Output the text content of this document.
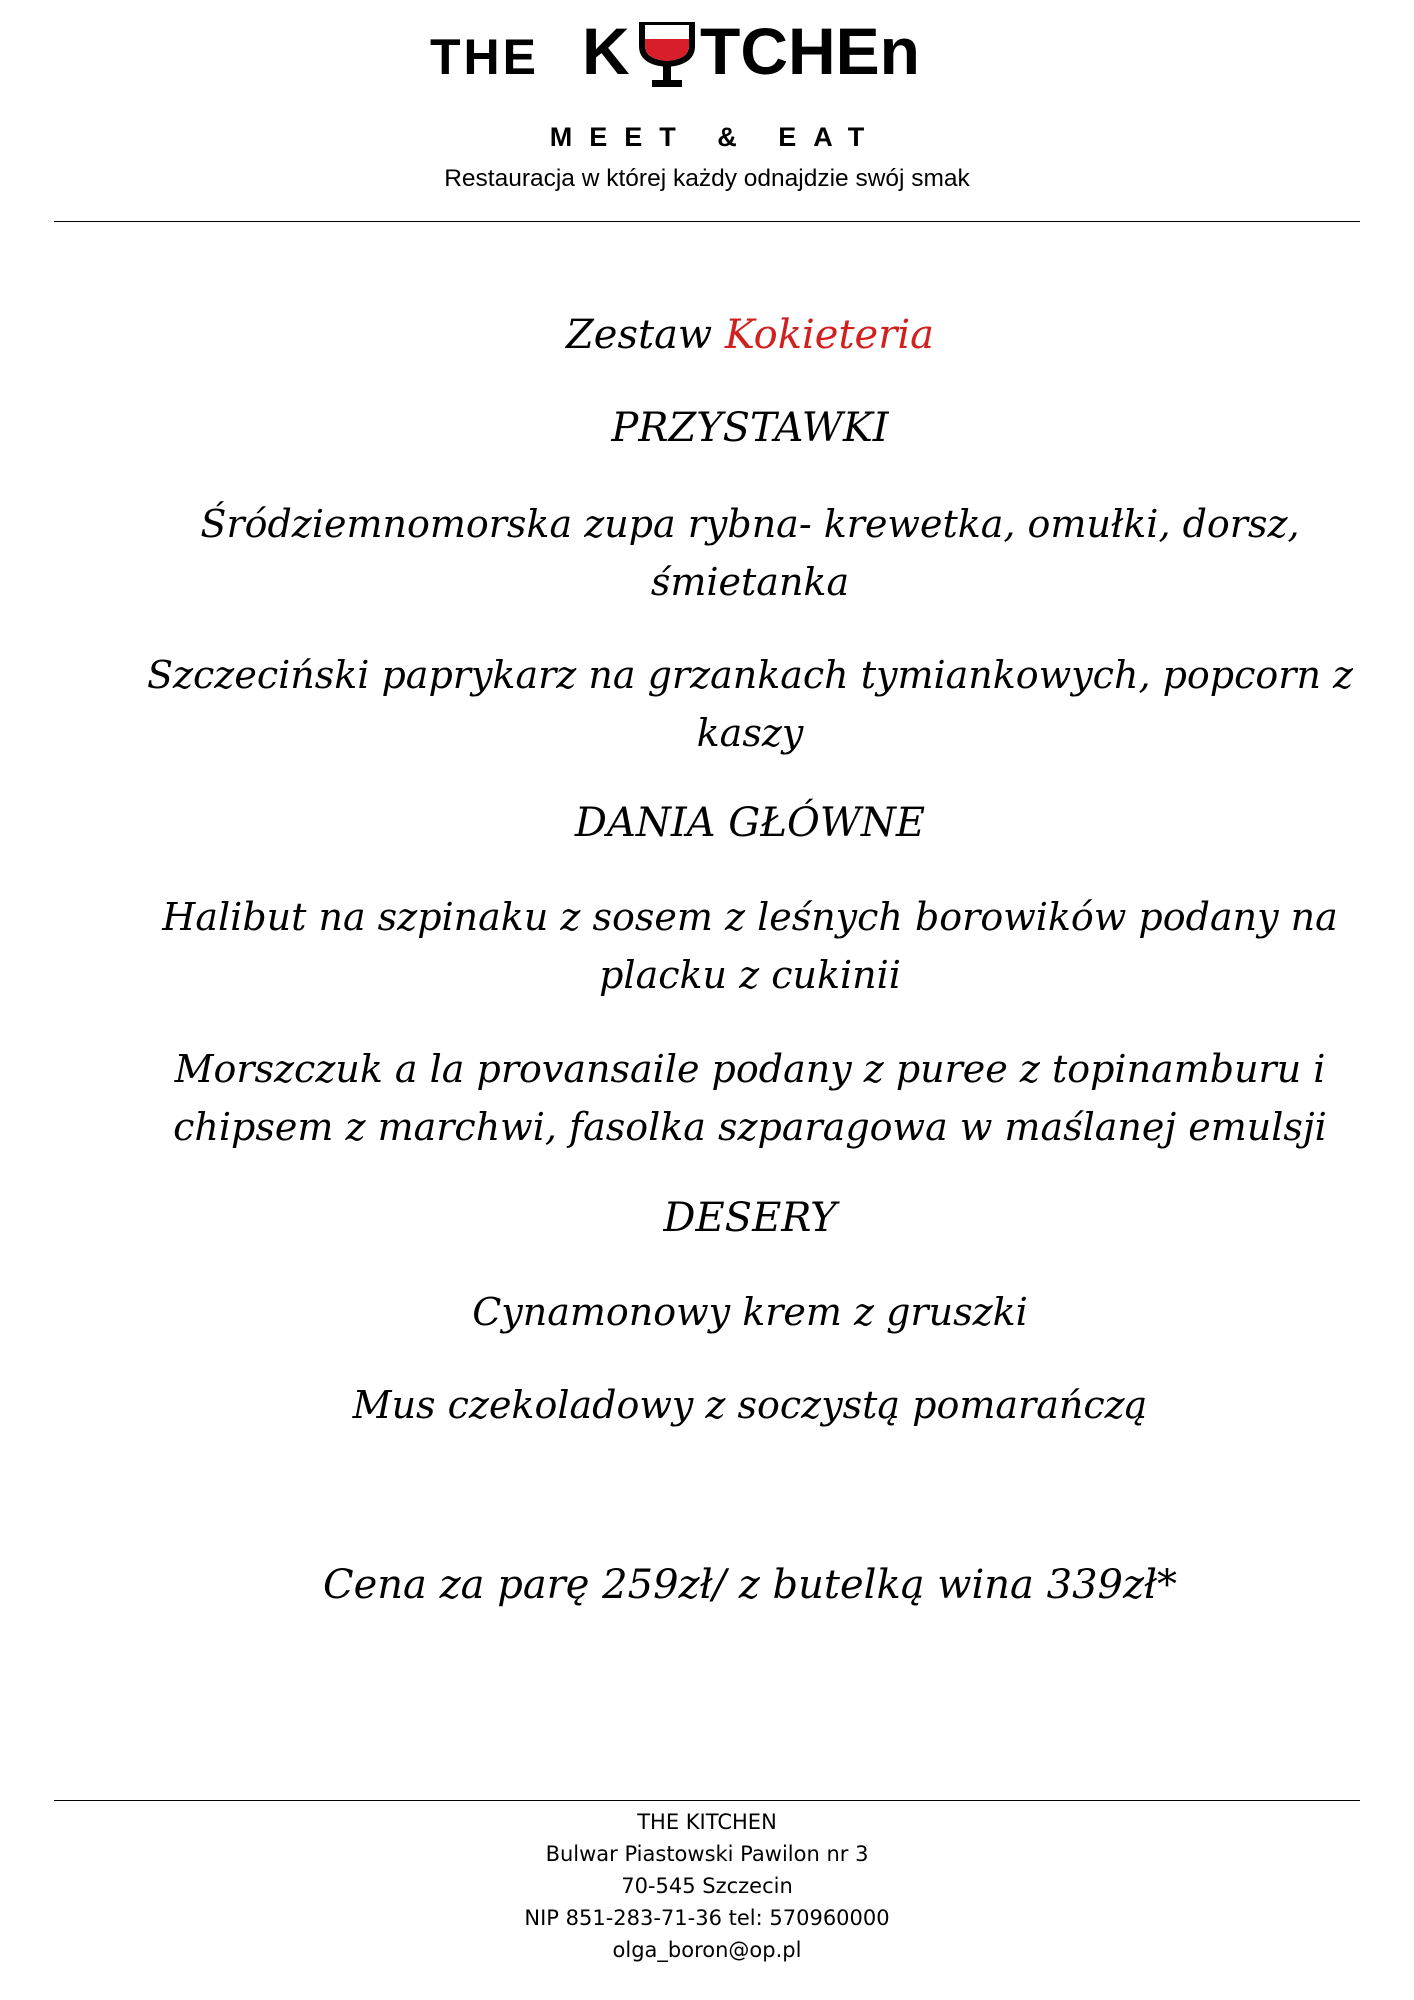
THE K TCHEn
MEET & EAT
Restauracja w której każdy odnajdzie swój smak
Zestaw Kokieteria
PRZYSTAWKI
Śródziemnomorska zupa rybna- krewetka, omułki, dorsz,
śmietanka
Szczeciński paprykarz na grzankach tymiankowych, popcorn z
kaszy
DANIA GŁÓWNE
Halibut na szpinaku z sosem z leśnych borowików podany na
placku z cukinii
Morszczuk a la provansaile podany z puree z topinamburu i
chipsem z marchwi, fasolka szparagowa w maślanej emulsji
DESERY
Cynamonowy krem z gruszki
Mus czekoladowy z soczystą pomarańczą
Cena za parę 259zł/ z butelką wina 339zł*
THE KITCHEN
Bulwar Piastowski Pawilon nr 3
70-545 Szczecin
NIP 851-283-71-36 tel: 570960000
olga_boron@op.pl
